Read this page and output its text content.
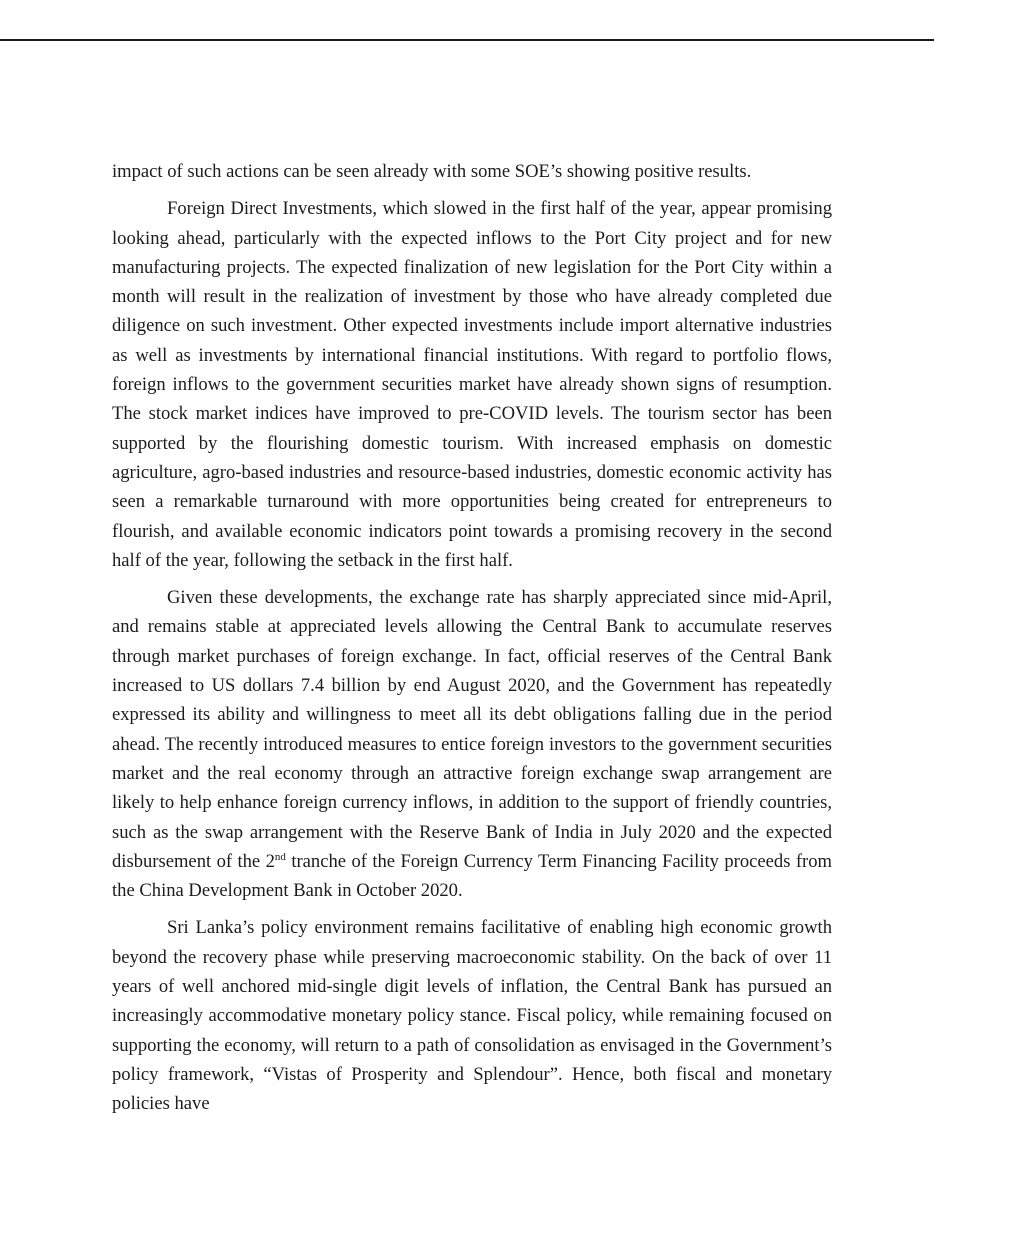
impact of such actions can be seen already with some SOE’s showing positive results.

Foreign Direct Investments, which slowed in the first half of the year, appear promising looking ahead, particularly with the expected inflows to the Port City project and for new manufacturing projects. The expected finalization of new legislation for the Port City within a month will result in the realization of investment by those who have already completed due diligence on such investment. Other expected investments include import alternative industries as well as investments by international financial institutions. With regard to portfolio flows, foreign inflows to the government securities market have already shown signs of resumption. The stock market indices have improved to pre-COVID levels. The tourism sector has been supported by the flourishing domestic tourism. With increased emphasis on domestic agriculture, agro-based industries and resource-based industries, domestic economic activity has seen a remarkable turnaround with more opportunities being created for entrepreneurs to flourish, and available economic indicators point towards a promising recovery in the second half of the year, following the setback in the first half.

Given these developments, the exchange rate has sharply appreciated since mid-April, and remains stable at appreciated levels allowing the Central Bank to accumulate reserves through market purchases of foreign exchange. In fact, official reserves of the Central Bank increased to US dollars 7.4 billion by end August 2020, and the Government has repeatedly expressed its ability and willingness to meet all its debt obligations falling due in the period ahead. The recently introduced measures to entice foreign investors to the government securities market and the real economy through an attractive foreign exchange swap arrangement are likely to help enhance foreign currency inflows, in addition to the support of friendly countries, such as the swap arrangement with the Reserve Bank of India in July 2020 and the expected disbursement of the 2nd tranche of the Foreign Currency Term Financing Facility proceeds from the China Development Bank in October 2020.

Sri Lanka’s policy environment remains facilitative of enabling high economic growth beyond the recovery phase while preserving macroeconomic stability. On the back of over 11 years of well anchored mid-single digit levels of inflation, the Central Bank has pursued an increasingly accommodative monetary policy stance. Fiscal policy, while remaining focused on supporting the economy, will return to a path of consolidation as envisaged in the Government’s policy framework, “Vistas of Prosperity and Splendour”. Hence, both fiscal and monetary policies have
